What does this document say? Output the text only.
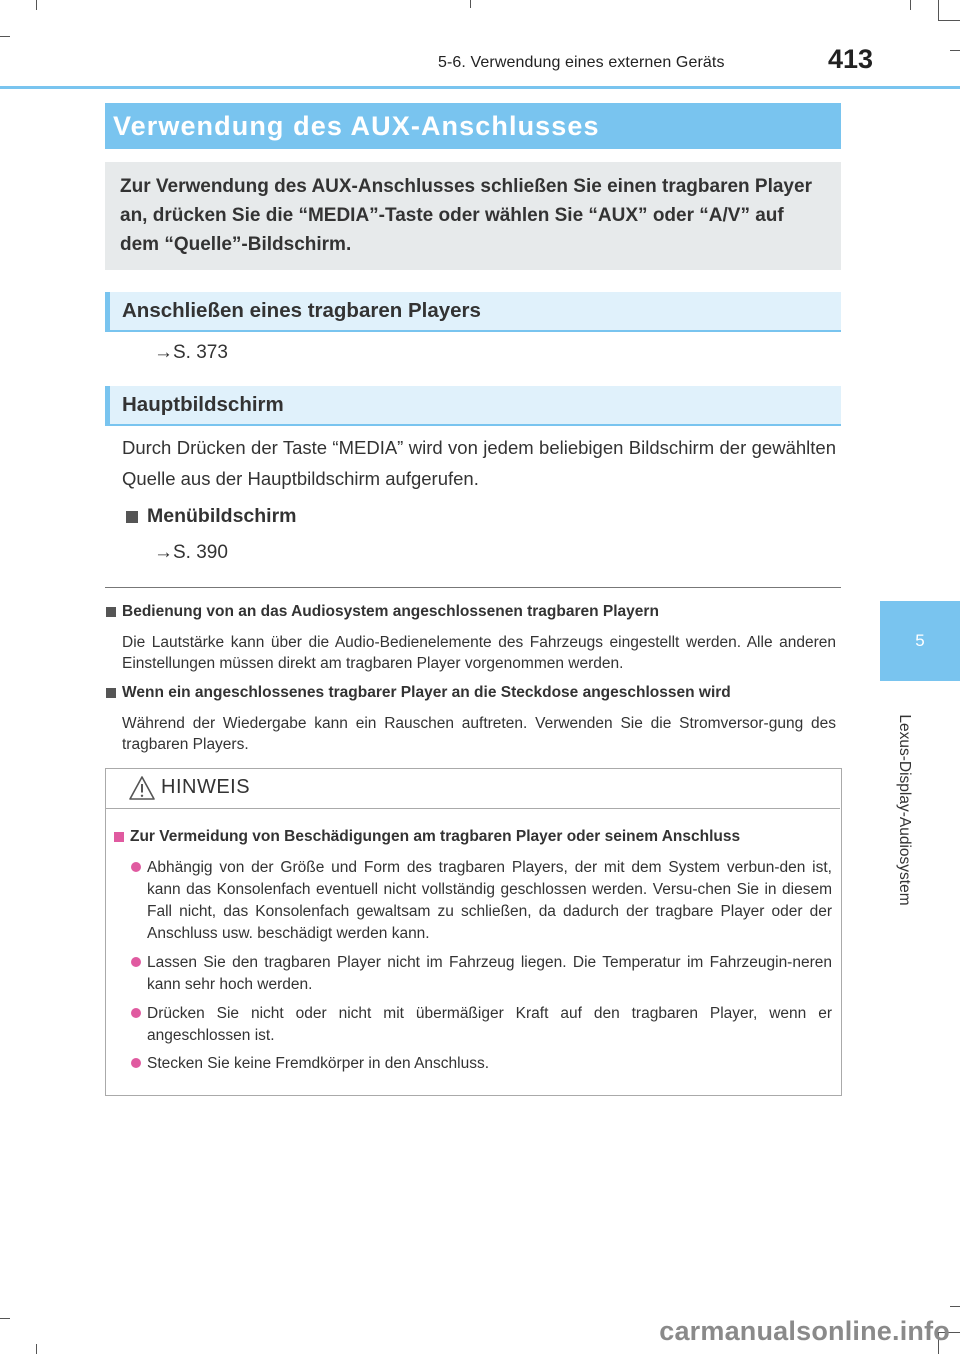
5-6. Verwendung eines externen Geräts	413
5
Lexus-Display-Audiosystem
Verwendung des AUX-Anschlusses
Zur Verwendung des AUX-Anschlusses schließen Sie einen tragbaren Player an, drücken Sie die “MEDIA”-Taste oder wählen Sie “AUX” oder “A/V” auf dem “Quelle”-Bildschirm.
Anschließen eines tragbaren Players
→S. 373
Hauptbildschirm
Durch Drücken der Taste “MEDIA” wird von jedem beliebigen Bildschirm der gewählten Quelle aus der Hauptbildschirm aufgerufen.
Menübildschirm
→S. 390
Bedienung von an das Audiosystem angeschlossenen tragbaren Playern
Die Lautstärke kann über die Audio-Bedienelemente des Fahrzeugs eingestellt werden. Alle anderen Einstellungen müssen direkt am tragbaren Player vorgenommen werden.
Wenn ein angeschlossenes tragbarer Player an die Steckdose angeschlossen wird
Während der Wiedergabe kann ein Rauschen auftreten. Verwenden Sie die Stromversor-gung des tragbaren Players.
HINWEIS
Zur Vermeidung von Beschädigungen am tragbaren Player oder seinem Anschluss
Abhängig von der Größe und Form des tragbaren Players, der mit dem System verbun-den ist, kann das Konsolenfach eventuell nicht vollständig geschlossen werden. Versu-chen Sie in diesem Fall nicht, das Konsolenfach gewaltsam zu schließen, da dadurch der tragbare Player oder der Anschluss usw. beschädigt werden kann.
Lassen Sie den tragbaren Player nicht im Fahrzeug liegen. Die Temperatur im Fahrzeugin-neren kann sehr hoch werden.
Drücken Sie nicht oder nicht mit übermäßiger Kraft auf den tragbaren Player, wenn er angeschlossen ist.
Stecken Sie keine Fremdkörper in den Anschluss.
carmanualsonline.info
